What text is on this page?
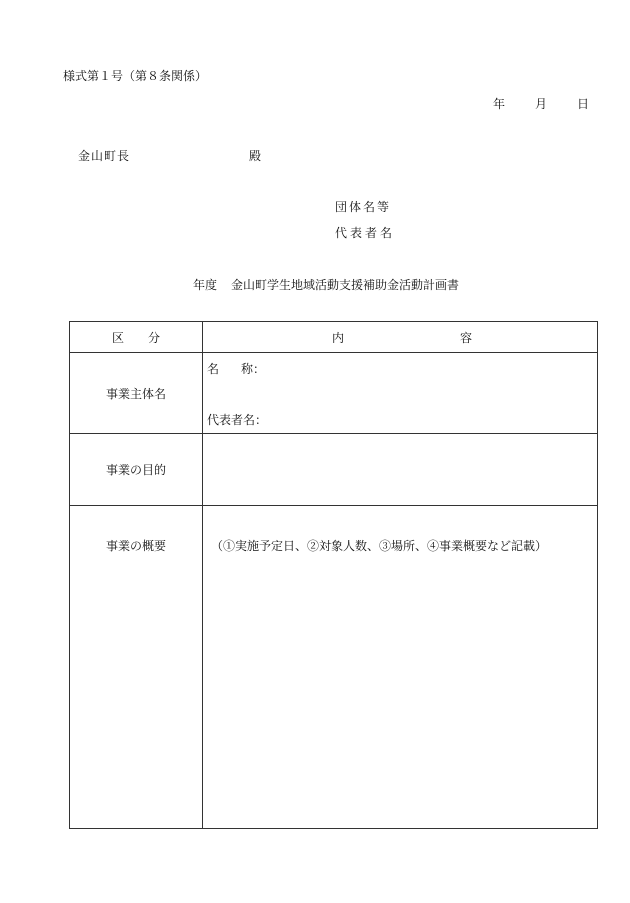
様式第１号（第８条関係）
年	月	日
金山町長	殿
団体名等
代表者名
年度 金山町学生地域活動支援補助金活動計画書
区 分	内 容
事業主体名	名 称：
代表者名：

事業の目的	

事業の概要	（①実施予定日、②対象人数、③場所、④事業概要など記載）
